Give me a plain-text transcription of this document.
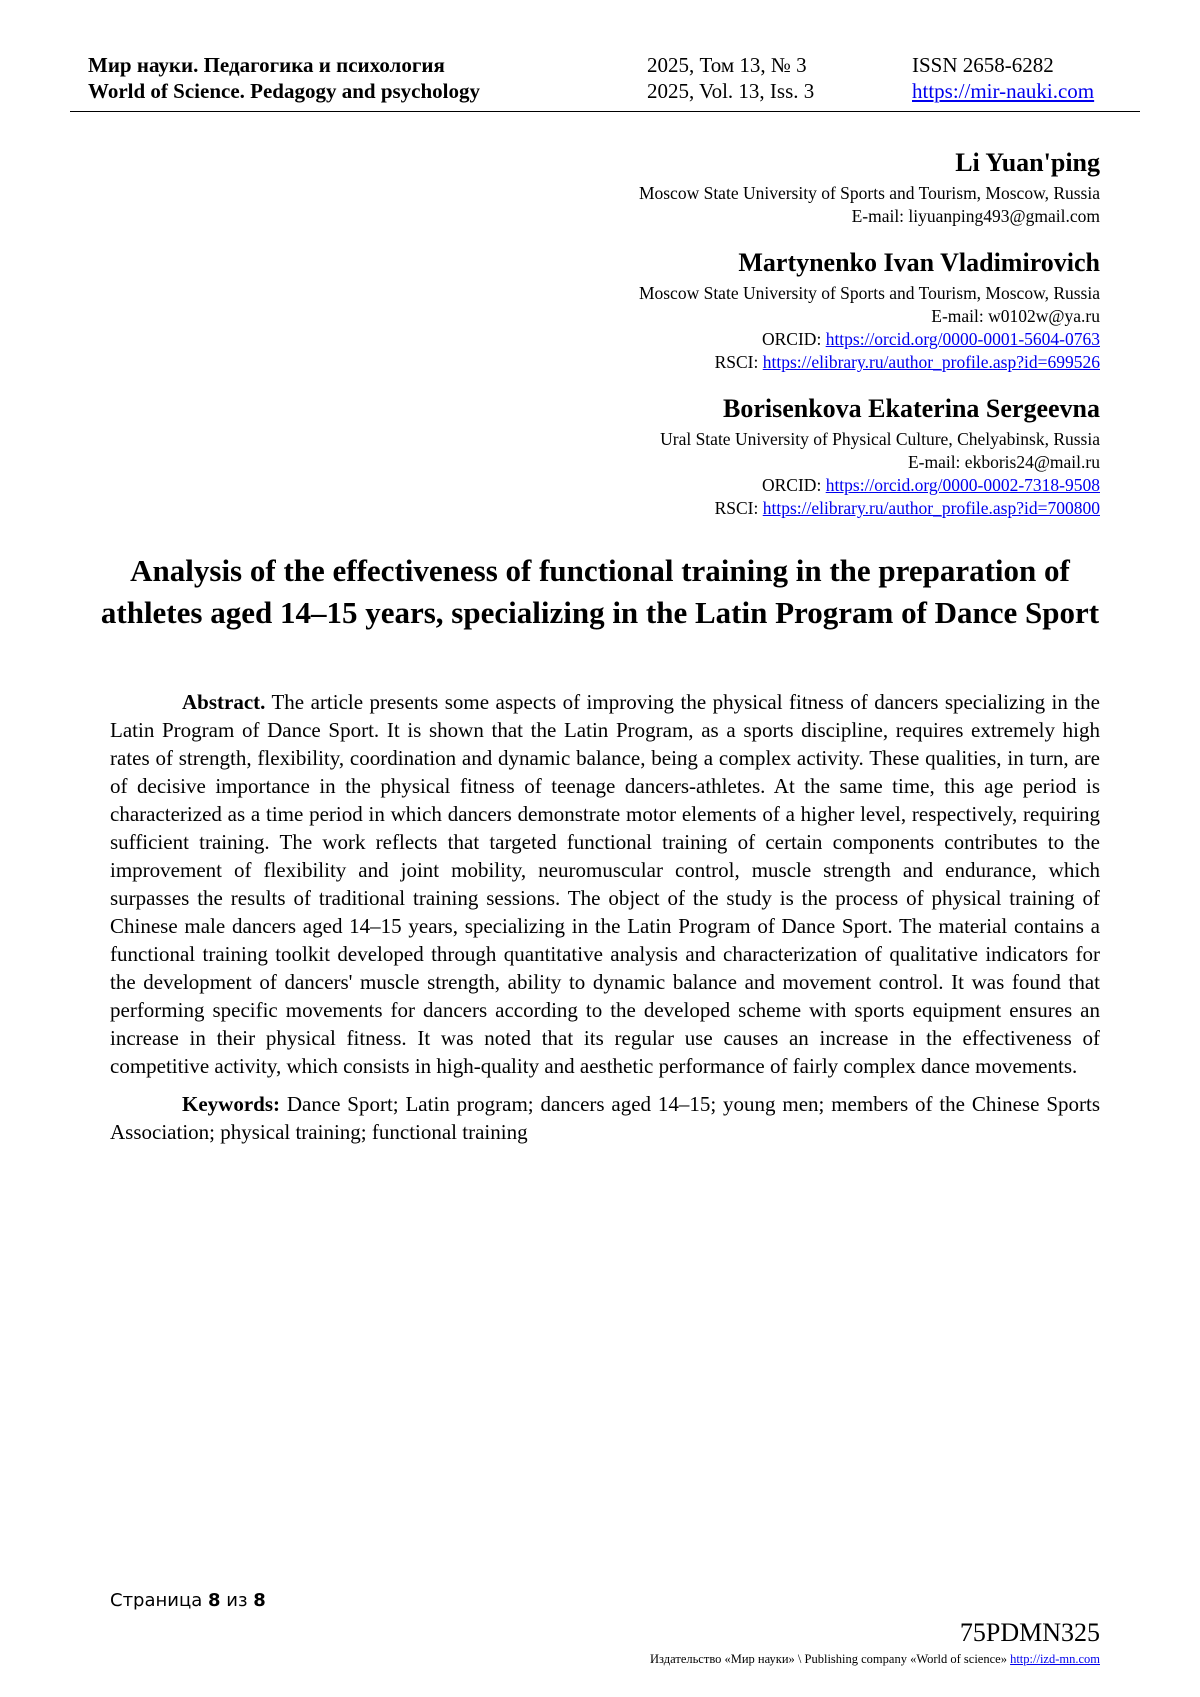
Мир науки. Педагогика и психология	2025, Том 13, № 3	ISSN 2658-6282
World of Science. Pedagogy and psychology	2025, Vol. 13, Iss. 3	https://mir-nauki.com
Li Yuan'ping
Moscow State University of Sports and Tourism, Moscow, Russia
E-mail: liyuanping493@gmail.com
Martynenko Ivan Vladimirovich
Moscow State University of Sports and Tourism, Moscow, Russia
E-mail: w0102w@ya.ru
ORCID: https://orcid.org/0000-0001-5604-0763
RSCI: https://elibrary.ru/author_profile.asp?id=699526
Borisenkova Ekaterina Sergeevna
Ural State University of Physical Culture, Chelyabinsk, Russia
E-mail: ekboris24@mail.ru
ORCID: https://orcid.org/0000-0002-7318-9508
RSCI: https://elibrary.ru/author_profile.asp?id=700800
Analysis of the effectiveness of functional training in the preparation of athletes aged 14–15 years, specializing in the Latin Program of Dance Sport

Abstract. The article presents some aspects of improving the physical fitness of dancers specializing in the Latin Program of Dance Sport. It is shown that the Latin Program, as a sports discipline, requires extremely high rates of strength, flexibility, coordination and dynamic balance, being a complex activity. These qualities, in turn, are of decisive importance in the physical fitness of teenage dancers-athletes. At the same time, this age period is characterized as a time period in which dancers demonstrate motor elements of a higher level, respectively, requiring sufficient training. The work reflects that targeted functional training of certain components contributes to the improvement of flexibility and joint mobility, neuromuscular control, muscle strength and endurance, which surpasses the results of traditional training sessions. The object of the study is the process of physical training of Chinese male dancers aged 14–15 years, specializing in the Latin Program of Dance Sport. The material contains a functional training toolkit developed through quantitative analysis and characterization of qualitative indicators for the development of dancers' muscle strength, ability to dynamic balance and movement control. It was found that performing specific movements for dancers according to the developed scheme with sports equipment ensures an increase in their physical fitness. It was noted that its regular use causes an increase in the effectiveness of competitive activity, which consists in high-quality and aesthetic performance of fairly complex dance movements.

Keywords: Dance Sport; Latin program; dancers aged 14–15; young men; members of the Chinese Sports Association; physical training; functional training

Страница 8 из 8
75PDMN325
Издательство «Мир науки» \ Publishing company «World of science» http://izd-mn.com
